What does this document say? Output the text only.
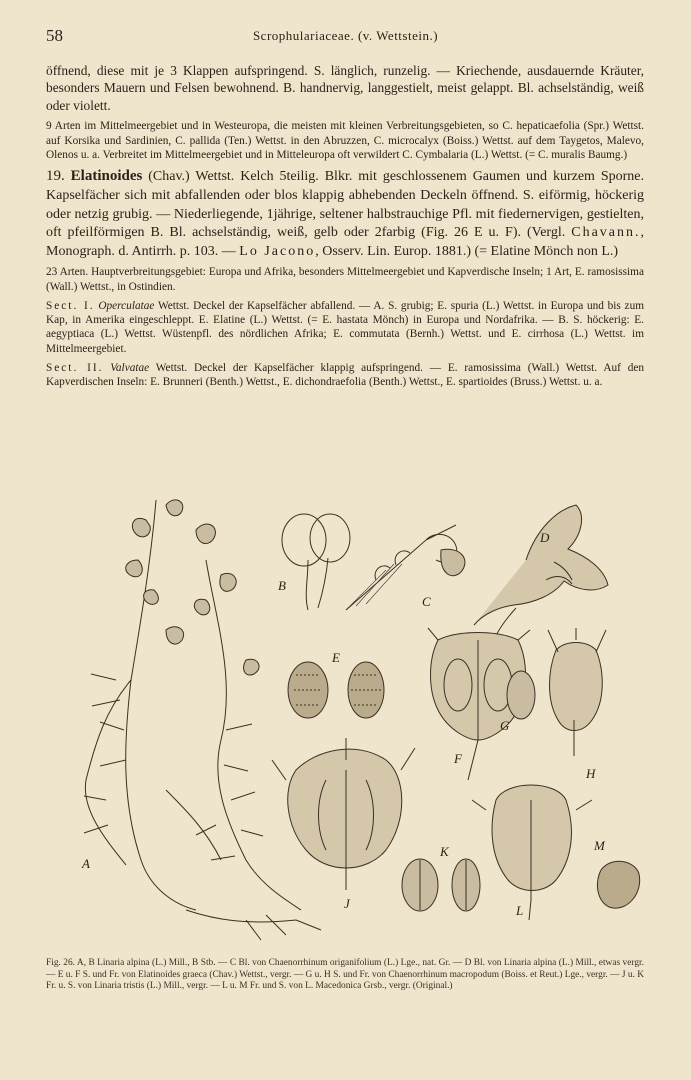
58	Scrophulariaceae. (v. Wettstein.)

öffnend, diese mit je 3 Klappen aufspringend. S. länglich, runzelig. — Kriechende, ausdauernde Kräuter, besonders Mauern und Felsen bewohnend. B. handnervig, langgestielt, meist gelappt. Bl. achselständig, weiß oder violett.

9 Arten im Mittelmeergebiet und in Westeuropa, die meisten mit kleinen Verbreitungsgebieten, so C. hepaticaefolia (Spr.) Wettst. auf Korsika und Sardinien, C. pallida (Ten.) Wettst. in den Abruzzen, C. microcalyx (Boiss.) Wettst. auf dem Taygetos, Malevo, Olenos u. a. Verbreitet im Mittelmeergebiet und in Mitteleuropa oft verwildert C. Cymbalaria (L.) Wettst. (= C. muralis Baumg.)

19. Elatinoides (Chav.) Wettst. Kelch 5teilig. Blkr. mit geschlossenem Gaumen und kurzem Sporne. Kapselfächer sich mit abfallenden oder blos klappig abhebenden Deckeln öffnend. S. eiförmig, höckerig oder netzig grubig. — Niederliegende, 1jährige, seltener halbstrauchige Pfl. mit fiedernervigen, gestielten, oft pfeilförmigen B. Bl. achselständig, weiß, gelb oder 2farbig (Fig. 26 E u. F). (Vergl. Chavann., Monograph. d. Antirrh. p. 103. — Lo Jacono, Osserv. Lin. Europ. 1881.) (= Elatine Mönch non L.)

23 Arten. Hauptverbreitungsgebiet: Europa und Afrika, besonders Mittelmeergebiet und Kapverdische Inseln; 1 Art, E. ramosissima (Wall.) Wettst., in Ostindien.

Sect. I. Operculatae Wettst. Deckel der Kapselfächer abfallend. — A. S. grubig; E. spuria (L.) Wettst. in Europa und bis zum Kap, in Amerika eingeschleppt. E. Elatine (L.) Wettst. (= E. hastata Mönch) in Europa und Nordafrika. — B. S. höckerig: E. aegyptiaca (L.) Wettst. Wüstenpfl. des nördlichen Afrika; E. commutata (Bernh.) Wettst. und E. cirrhosa (L.) Wettst. im Mittelmeergebiet.

Sect. II. Valvatae Wettst. Deckel der Kapselfächer klappig aufspringend. — E. ramosissima (Wall.) Wettst. Auf den Kapverdischen Inseln: E. Brunneri (Benth.) Wettst., E. dichondraefolia (Benth.) Wettst., E. spartioides (Bruss.) Wettst. u. a.

B
C
D
E
F
G
H
A
J
K
L
M

Fig. 26. A, B Linaria alpina (L.) Mill., B Stb. — C Bl. von Chaenorrhinum origanifolium (L.) Lge., nat. Gr. — D Bl. von Linaria alpina (L.) Mill., etwas vergr. — E u. F S. und Fr. von Elatinoides graeca (Chav.) Wettst., vergr. — G u. H S. und Fr. von Chaenorrhinum macropodum (Boiss. et Reut.) Lge., vergr. — J u. K Fr. u. S. von Linaria tristis (L.) Mill., vergr. — L u. M Fr. und S. von L. Macedonica Grsb., vergr. (Original.)
